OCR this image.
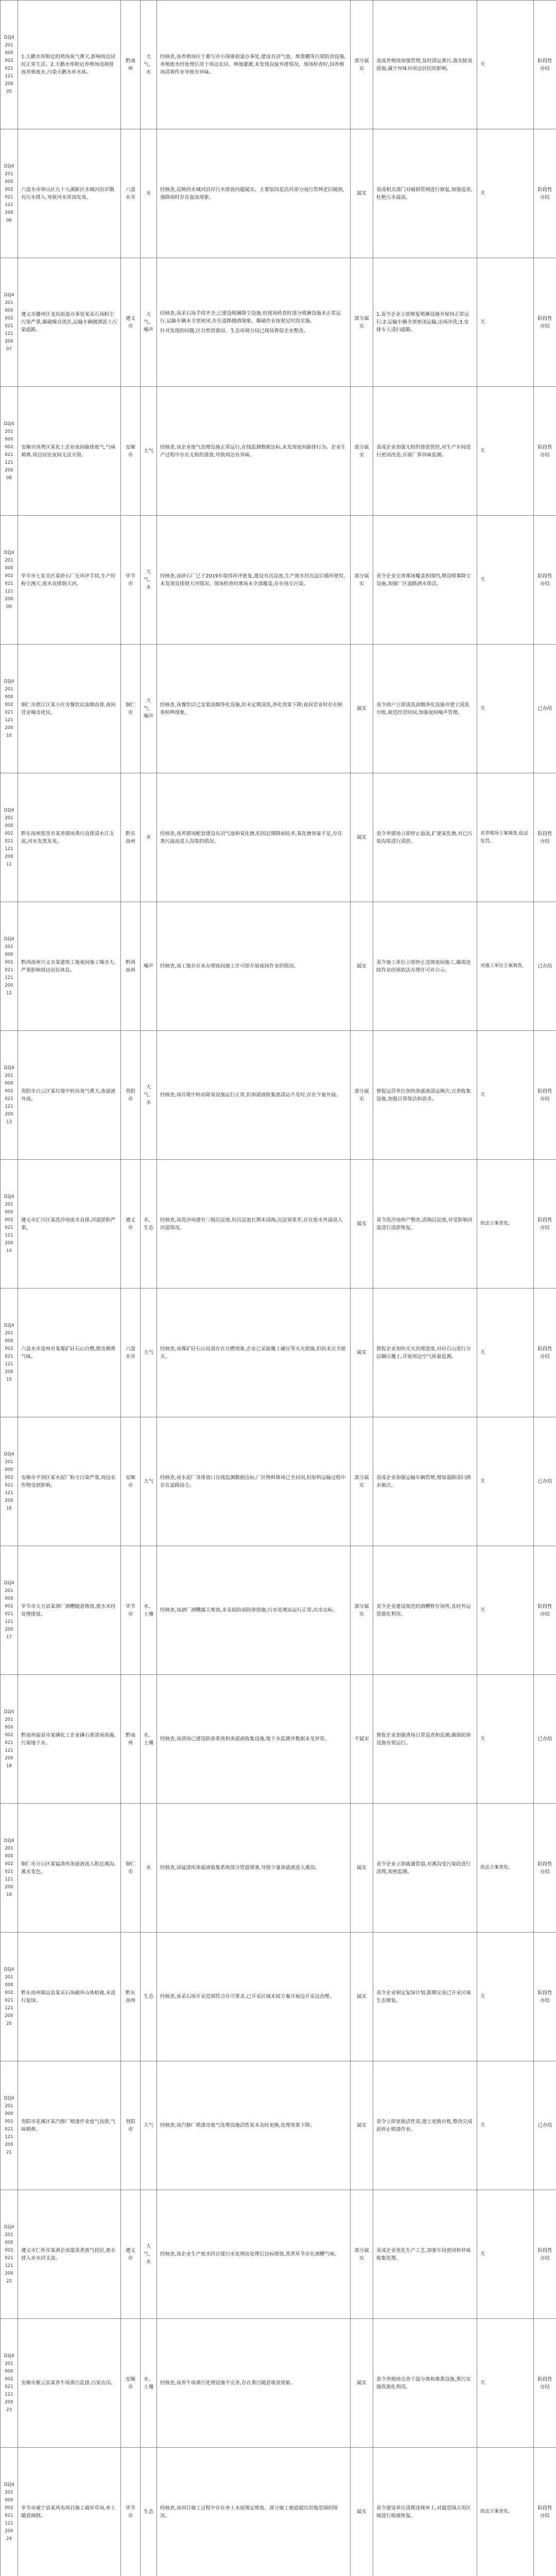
D2J420100000202112120005	1.天鹅水库附近的鸡场臭气熏天,影响周边居民正常生活。2.天鹅水库附近养殖场违规排放养殖废水,污染天鹅水库水体。	黔南州	大气、水	经核查,该养殖场位于都匀市小围寨街道办事处,建设有沼气池、堆粪棚等污染防治设施,养殖废水经处理后用于周边农田、林地灌溉,未发现直接外排情况。现场检查时,因养殖场清粪作业导致有异味。	部分属实	责成养殖场加强管理,及时清运粪污,落实除臭措施,减少异味对周边居民的影响。	无	阶段性办结
D2J420100000202112120006	六盘水市钟山区九十九湖新区水城河沿岸偶有污水排入,导致河水浑浊发臭。	六盘水市	水	经核查,反映的水城河沿岸污水排放问题属实。主要原因是沿河部分雨污管网老旧破损,强降雨时存在溢流现象。	属实	责成相关部门对破损管网进行修复,加强巡查,杜绝污水溢流。	无	阶段性办结
D2J420100000202112120007	遵义市播州区龙坑街道办事处某采石场粉尘污染严重,爆破噪音扰民,运输车辆抛洒泥土污染道路。	遵义市	大气、噪声	经核查,该采石场手续齐全,已建设喷淋降尘设施,但现场检查时部分喷淋设施未正常运行,运输车辆未全部密闭,存在道路抛洒现象。爆破作业按规定时段实施。
针对发现的问题,区自然资源局、生态环境分局已现场督促企业整改。	部分属实	1.责令企业立即修复喷淋设施并保持正常运行;2.运输车辆全部密闭运输,出场冲洗;3.安排专人清扫道路。	无	阶段性办结
D2J420100000202112120008	安顺市西秀区某化工企业夜间偷排废气,气味刺鼻,周边居民夜间无法开窗。	安顺市	大气	经核查,该企业废气治理设施正常运行,在线监测数据达标,未发现夜间偷排行为。企业生产过程中存在无组织排放,导致周边有异味。	部分属实	责成企业加强无组织排放管控,对生产车间进行密闭改造,开展厂界异味监测。	无	阶段性办结
D2J420100000202112120009	毕节市七星关区某砂石厂无环评手续,生产时粉尘漫天,废水直排倒天河。	毕节市	大气、水	经核查,该砂石厂已于2019年取得环评批复,建设有沉淀池,生产废水经沉淀后循环使用,未发现直排倒天河情况。现场检查时堆场未全部覆盖,存在扬尘污染。	部分属实	责令企业完善堆场覆盖和围挡,增设喷雾降尘设施,加强厂区道路洒水保洁。	无	阶段性办结
D2J420100000202112120010	铜仁市碧江区某小区旁餐饮店油烟直排,夜间营业噪音扰民。	铜仁市	大气、噪声	经核查,该餐饮店已安装油烟净化设施,但未定期清洗,净化效果下降;夜间营业时存在顾客喧哗现象。	属实	责令商户立即清洗油烟净化设施并建立清洗台账,规范经营时间,加强夜间噪声管理。	无	已办结
D2J420100000202112120011	黔东南州凯里市某养猪场粪污直排清水江支流,河水发黑发臭。	黔东南州	水	经核查,该养猪场配套建设有沼气池和氧化塘,但因近期降雨较多,氧化塘容量不足,存在粪污溢流进入沟渠的情况。	属实	责令养猪场立即停止溢流,扩建氧化塘,对已污染沟渠进行清淤。	对养殖场立案调查,依法处罚。	阶段性办结
D2J420100000202112120012	黔西南州兴义市某建筑工地夜间施工噪音大,严重影响周边居民休息。	黔西南州	噪声	经核查,该工地存在未办理夜间施工许可即开展夜间作业的情况。	属实	责令施工单位立即停止违规夜间施工,确需连续作业的须依法办理许可并公示。	对施工单位立案调查。	已办结
D2J420100000202112120013	贵阳市白云区某垃圾中转站臭气熏天,渗滤液外流。	贵阳市	大气、水	经核查,该垃圾中转站除臭设施运行正常,但渗滤液收集池清运不及时,存在少量外溢。	部分属实	督促运营单位加快渗滤液清运频次,完善收集设施,加强日常保洁和消杀。	无	阶段性办结
D2J420100000202112120014	遵义市汇川区某洗沙场废水直排,河道淤积严重。	遵义市	水、生态	经核查,该洗沙场建有三级沉淀池,但沉淀池长期未清掏,沉淀效果差,存在废水外溢进入河道情况。	属实	责令洗沙场停产整改,清掏沉淀池,对受影响河道进行清淤恢复。	依法立案查处。	阶段性办结
D2J420100000202112120015	六盘水市盘州市某煤矿矸石山自燃,散发刺鼻气味。	六盘水市	大气	经核查,该煤矿矸石山局部存在自燃现象,企业已采取覆土碾压等灭火措施,但尚未完全熄灭。	属实	督促企业加快灭火治理进度,对矸石山进行分层碾压覆土,开展周边空气质量监测。	无	阶段性办结
D2J420100000202112120016	安顺市平坝区某水泥厂粉尘污染严重,周边农作物受到影响。	安顺市	大气	经核查,该水泥厂各排放口在线监测数据达标,厂区物料堆场已全封闭,但原料运输过程中存在道路扬尘。	部分属实	责成企业加强运输车辆管理,增加道路清扫洒水频次。	无	已办结
D2J420100000202112120017	毕节市大方县某酒厂酒糟随意堆放,废水未经处理排放。	毕节市	水、土壤	经核查,该酒厂酒糟露天堆放,未采取防雨防渗措施;污水处理站运行正常,出水达标。	部分属实	责令企业建设规范的酒糟暂存场所,及时外运资源化利用。	无	阶段性办结
D2J420100000202112120018	黔南州福泉市某磷化工企业磷石膏渣场渗漏,污染地下水。	黔南州	水、土壤	经核查,该渣场已建设防渗系统和渗滤液收集设施,地下水监测井数据未见异常。	不属实	督促企业加强渣场日常巡查和监测,确保防渗设施有效运行。	无	已办结
D2J420100000202112120019	铜仁市万山区某锰渣库渗滤液流入附近溪沟,溪水变色。	铜仁市	水	经核查,该锰渣库渗滤液收集系统部分管道堵塞,导致少量渗滤液进入溪沟。	属实	责令企业立即疏通管道,对溪沟受污染段进行清理,加密监测。	依法立案查处。	阶段性办结
D2J420100000202112120020	黔东南州镇远县某采石场破坏山体植被,未进行复绿。	黔东南州	生态	经核查,该采石场开采范围符合许可要求,已开采区域未按方案开展边开采边治理。	属实	责令企业制定复绿计划,限期完成已开采区域生态修复。	无	阶段性办结
D2J420100000202112120021	贵阳市花溪区某汽修厂喷漆作业废气直排,气味刺鼻。	贵阳市	大气	经核查,该汽修厂喷漆房废气处理设施活性炭未及时更换,处理效果下降。	属实	责令立即更换活性炭,建立更换台账,整改完成前停止喷漆作业。	无	已办结
D2J420100000202112120022	遵义市仁怀市某酒企高粱蒸煮废气扰民,废水排入赤水河支流。	遵义市	大气、水	经核查,该企业生产废水经自建污水处理站处理后达标排放,蒸煮环节存在酒糟气味。	部分属实	责成企业优化生产工艺,加强车间密闭和异味收集处理。	无	阶段性办结
D2J420100000202112120023	安顺市紫云县某养牛场粪污乱排,污染农田。	安顺市	水、土壤	经核查,该养牛场粪污处理设施不完善,存在粪污随意堆放现象。	属实	责令养殖场完善干湿分离和堆粪设施,粪污实施资源化利用。	无	阶段性办结
D2J420100000202112120024	毕节市威宁县某风电项目施工破坏草场,弃土随意倾倒。	毕节市	生态	经核查,该项目施工过程中存在弃土未按规定堆放、部分施工便道超出用地范围的情况。	属实	责令建设单位清理违规弃土,对超范围占用区域进行植被恢复。	依法立案查处。	阶段性办结
